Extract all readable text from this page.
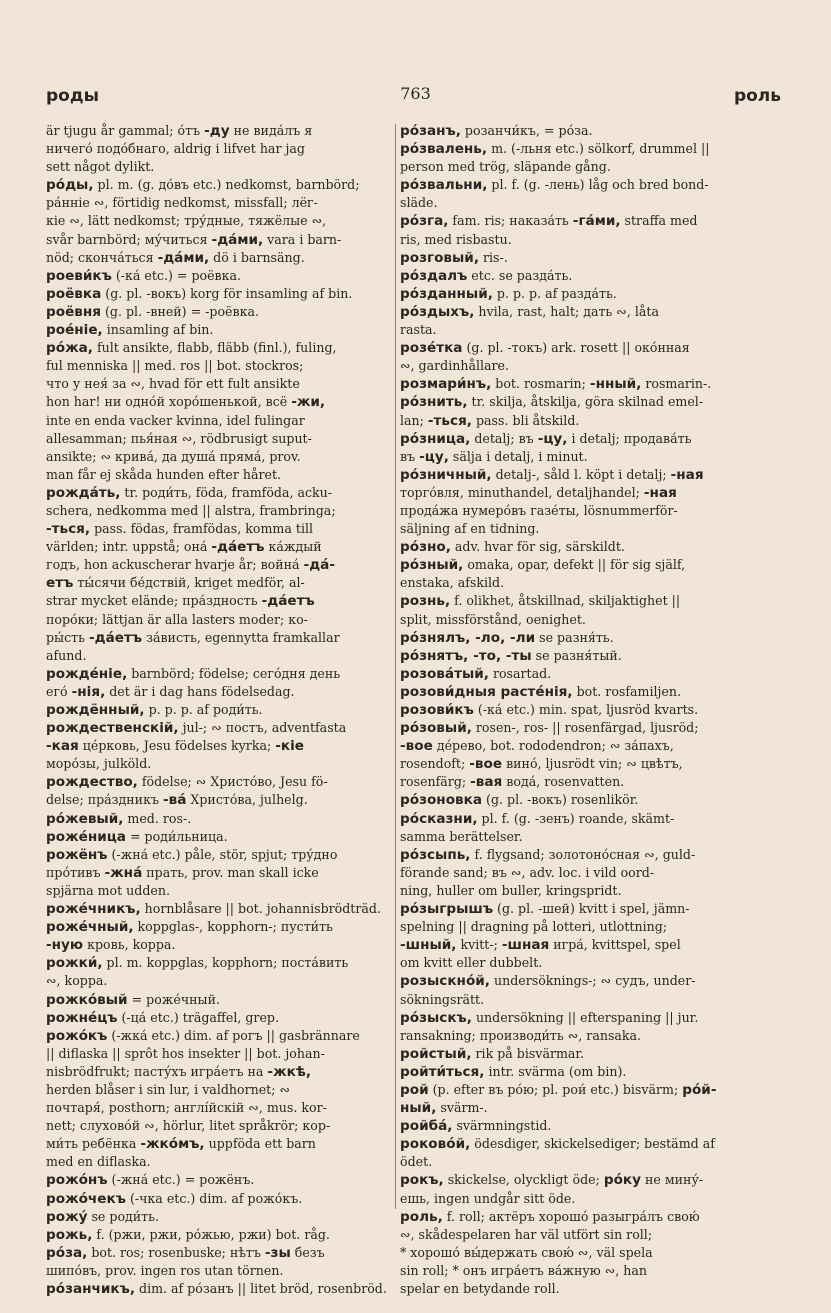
роды	763	роль
är tjugu år gammal; о́тъ -ду не вида́лъ я
ничего́ подо́бнаго, aldrig i lifvet har jag
sett något dylikt.
ро́ды, pl. m. (g. до́въ etc.) nedkomst, barnbörd;
ра́нніе ∾, förtidig nedkomst, missfall; лёг-
кіе ∾, lätt nedkomst; тру́дные, тяжёлые ∾,
svår barnbörd; му́читься -да́ми, vara i barn-
nöd; скончáться -да́ми, dö i barnsäng.
роеви́къ (-ка́ etc.) = роёвка.
роёвка (g. pl. -вокъ) korg för insamling af bin.
роёвня (g. pl. -вней) = -роёвка.
рое́ніе, insamling af bin.
ро́жа, fult ansikte, flabb, fläbb (finl.), fuling,
ful menniska || med. ros || bot. stockros;
что у нея́ за ∾, hvad för ett fult ansikte
hon har! ни одно́й хоро́шенькой, всё -жи,
inte en enda vacker kvinna, idel fulingar
allesamman; пья́ная ∾, rödbrusigt suput-
ansikte; ∾ крива́, да душа́ пряма́, prov.
man får ej skåda hunden efter håret.
рожда́ть, tr. роди́ть, föda, framföda, acku-
schera, nedkomma med || alstra, frambringa;
-ться, pass. födas, framfödas, komma till
världen; intr. uppstå; она́ -да́етъ ка́ждый
годъ, hon ackuscherar hvarje år; война́ -да́-
етъ ты́сячи бе́дствій, kriget medför, al-
strar mycket elände; пра́здность -да́етъ
поро́ки; lättjan är alla lasters moder; ко-
ры́сть -да́етъ за́висть, egennytta framkallar
afund.
рожде́ніе, barnbörd; födelse; сего́дня день
его́ -нія, det är i dag hans födelsedag.
рождённый, p. p. p. af роди́ть.
рождественскій, jul-; ∾ постъ, adventfasta
-кая це́рковь, Jesu födelses kyrka; -кіе
моро́зы, julköld.
рождество, födelse; ∾ Христо́во, Jesu fö-
delse; пра́здникъ -ва́ Христо́ва, julhelg.
ро́жевый, med. ros-.
роже́ница = роди́льница.
рожёнъ (-жна́ etc.) påle, stör, spjut; тру́дно
про́тивъ -жна́ прать, prov. man skall icke
spjärna mot udden.
роже́чникъ, hornblåsare || bot. johannisbrödträd.
роже́чный, koppglas-, kopphorn-; пусти́ть
-ную кровь, koppa.
рожки́, pl. m. koppglas, kopphorn; поста́вить
∾, koppa.
рожко́вый = роже́чный.
рожне́цъ (-ца́ etc.) trägaffel, grep.
рожо́къ (-жка́ etc.) dim. af рогъ || gasbrännare
|| diflaska || sprôt hos insekter || bot. johan-
nisbrödfrukt; пасту́хъ игра́етъ на -жкѣ,
herden blåser i sin lur, i valdhornet; ∾
почтаря́, posthorn; англі́йскій ∾, mus. kor-
nett; слуховóй ∾, hörlur, litet språkrör; кор-
ми́ть ребёнка -жко́мъ, uppföda ett barn
med en diflaska.
рожо́нъ (-жна́ etc.) = рожёнъ.
рожо́чекъ (-чка etc.) dim. af рожо́къ.
рожу́ se роди́ть.
рожь, f. (ржи, ржи, ро́жью, ржи) bot. råg.
ро́за, bot. ros; rosenbuske; нѣтъ -зы безъ
шипо́въ, prov. ingen ros utan törnen.
ро́занчикъ, dim. af ро́занъ || litet bröd, rosenbröd.
ро́занъ, розанчи́къ, = ро́за.
ро́звалень, m. (-льня etc.) sölkorf, drummel ||
person med trög, släpande gång.
ро́звальни, pl. f. (g. -лень) låg och bred bond-
släde.
ро́зга, fam. ris; наказа́ть -га́ми, straffa med
ris, med risbastu.
розговый, ris-.
ро́здалъ etc. se разда́ть.
ро́зданный, p. p. p. af разда́ть.
ро́здыхъ, hvila, rast, halt; дать ∾, låta
rasta.
розе́тка (g. pl. -токъ) ark. rosett || око́нная
∾, gardinhållare.
розмари́нъ, bot. rosmarin; -нный, rosmarin-.
ро́знить, tr. skilja, åtskilja, göra skilnad emel-
lan; -ться, pass. bli åtskild.
ро́зница, detalj; въ -цу, i detalj; продава́ть
въ -цу, sälja i detalj, i minut.
ро́зничный, detalj-, såld l. köpt i detalj; -ная
торго́вля, minuthandel, detaljhandel; -ная
прода́жа нумеро́въ газе́ты, lösnummerför-
säljning af en tidning.
ро́зно, adv. hvar för sig, särskildt.
ро́зный, omaka, opar, defekt || för sig själf,
enstaka, afskild.
рознь, f. olikhet, åtskillnad, skiljaktighet ||
split, missförstånd, oenighet.
ро́знялъ, -ло, -ли se разня́ть.
ро́знятъ, -то, -ты se разня́тый.
розова́тый, rosartad.
розови́дныя расте́нія, bot. rosfamiljen.
розови́къ (-ка́ etc.) min. spat, ljusröd kvarts.
ро́зовый, rosen-, ros- || rosenfärgad, ljusröd;
-вое де́рево, bot. rododendron; ∾ за́пахъ,
rosendoft; -вое вино́, ljusrödt vin; ∾ цвѣтъ,
rosenfärg; -вая вода́, rosenvatten.
ро́зоновка (g. pl. -вокъ) rosenlikör.
ро́сказни, pl. f. (g. -зенъ) roande, skämt-
samma berättelser.
ро́зсыпь, f. flygsand; золотоно́сная ∾, guld-
förande sand; въ ∾, adv. loc. i vild oord-
ning, huller om buller, kringspridt.
ро́зыгрышъ (g. pl. -шей) kvitt i spel, jämn-
spelning || dragning på lotteri, utlottning;
-шный, kvitt-; -шная игра́, kvittspel, spel
om kvitt eller dubbelt.
розыскно́й, undersöknings-; ∾ судъ, under-
sökningsrätt.
ро́зыскъ, undersökning || efterspaning || jur.
ransakning; производи́ть ∾, ransaka.
ройстый, rik på bisvärmar.
ройти́ться, intr. svärma (om bin).
рой (p. efter въ ро́ю; pl. рои́ etc.) bisvärm; ро́й-
ный, svärm-.
ройба́, svärmningstid.
роково́й, ödesdiger, skickelsediger; bestämd af
ödet.
рокъ, skickelse, olyckligt öde; ро́ку не мину́-
ешь, ingen undgår sitt öde.
роль, f. roll; актёръ хорошо́ разыгра́лъ свою́
∾, skådespelaren har väl utfört sin roll;
* хорошо́ вы́держать свою́ ∾, väl spela
sin roll; * онъ игра́етъ ва́жную ∾, han
spelar en betydande roll.
